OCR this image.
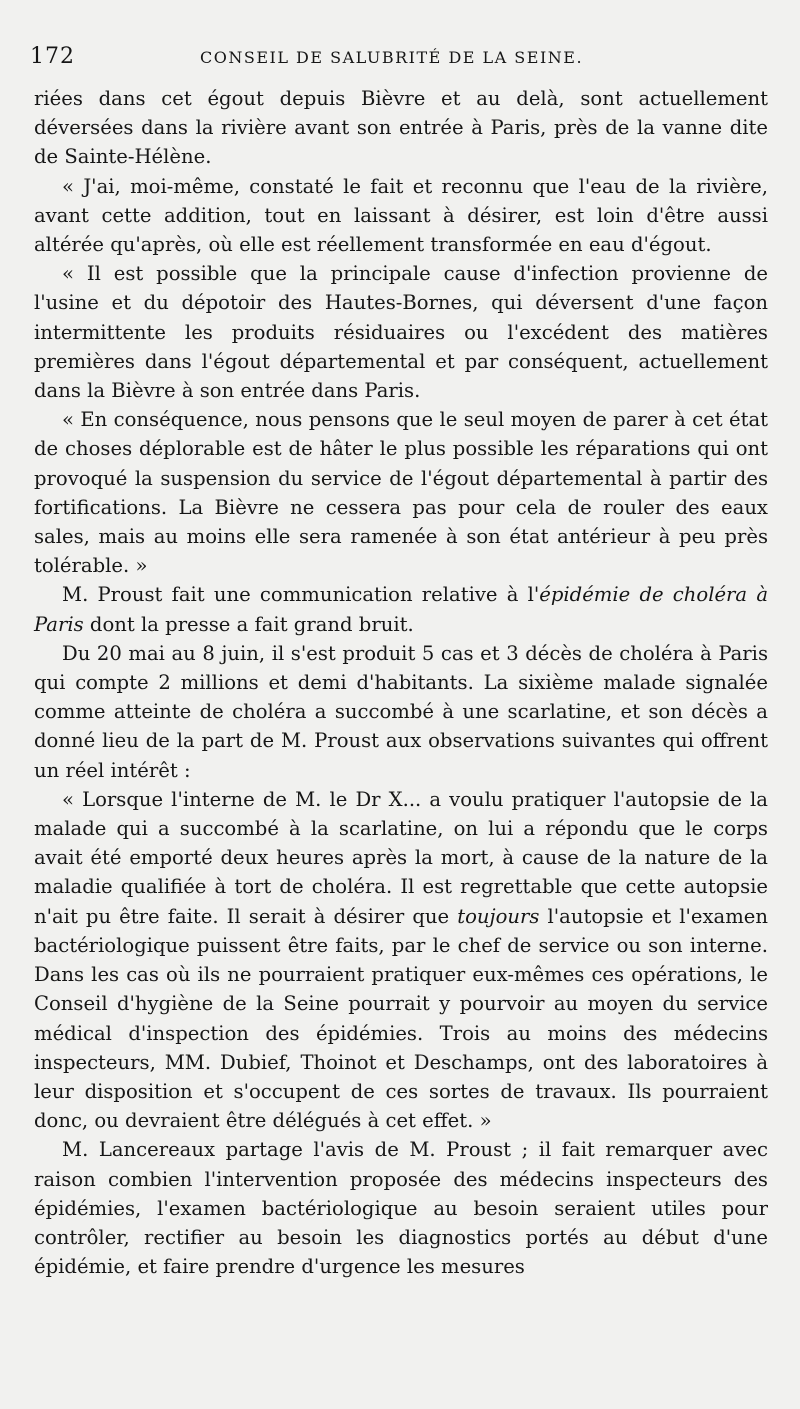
172	CONSEIL DE SALUBRITÉ DE LA SEINE.

riées dans cet égout depuis Bièvre et au delà, sont actuellement déversées dans la rivière avant son entrée à Paris, près de la vanne dite de Sainte-Hélène.

« J'ai, moi-même, constaté le fait et reconnu que l'eau de la rivière, avant cette addition, tout en laissant à désirer, est loin d'être aussi altérée qu'après, où elle est réellement transformée en eau d'égout.

« Il est possible que la principale cause d'infection provienne de l'usine et du dépotoir des Hautes-Bornes, qui déversent d'une façon intermittente les produits résiduaires ou l'excédent des matières premières dans l'égout départemental et par conséquent, actuellement dans la Bièvre à son entrée dans Paris.

« En conséquence, nous pensons que le seul moyen de parer à cet état de choses déplorable est de hâter le plus possible les réparations qui ont provoqué la suspension du service de l'égout départemental à partir des fortifications. La Bièvre ne cessera pas pour cela de rouler des eaux sales, mais au moins elle sera ramenée à son état antérieur à peu près tolérable. »

M. Proust fait une communication relative à l'épidémie de choléra à Paris dont la presse a fait grand bruit.

Du 20 mai au 8 juin, il s'est produit 5 cas et 3 décès de choléra à Paris qui compte 2 millions et demi d'habitants. La sixième malade signalée comme atteinte de choléra a succombé à une scarlatine, et son décès a donné lieu de la part de M. Proust aux observations suivantes qui offrent un réel intérêt :

« Lorsque l'interne de M. le Dr X... a voulu pratiquer l'autopsie de la malade qui a succombé à la scarlatine, on lui a répondu que le corps avait été emporté deux heures après la mort, à cause de la nature de la maladie qualifiée à tort de choléra. Il est regrettable que cette autopsie n'ait pu être faite. Il serait à désirer que toujours l'autopsie et l'examen bactériologique puissent être faits, par le chef de service ou son interne. Dans les cas où ils ne pourraient pratiquer eux-mêmes ces opérations, le Conseil d'hygiène de la Seine pourrait y pourvoir au moyen du service médical d'inspection des épidémies. Trois au moins des médecins inspecteurs, MM. Dubief, Thoinot et Deschamps, ont des laboratoires à leur disposition et s'occupent de ces sortes de travaux. Ils pourraient donc, ou devraient être délégués à cet effet. »

M. Lancereaux partage l'avis de M. Proust ; il fait remarquer avec raison combien l'intervention proposée des médecins inspecteurs des épidémies, l'examen bactériologique au besoin seraient utiles pour contrôler, rectifier au besoin les diagnostics portés au début d'une épidémie, et faire prendre d'urgence les mesures
